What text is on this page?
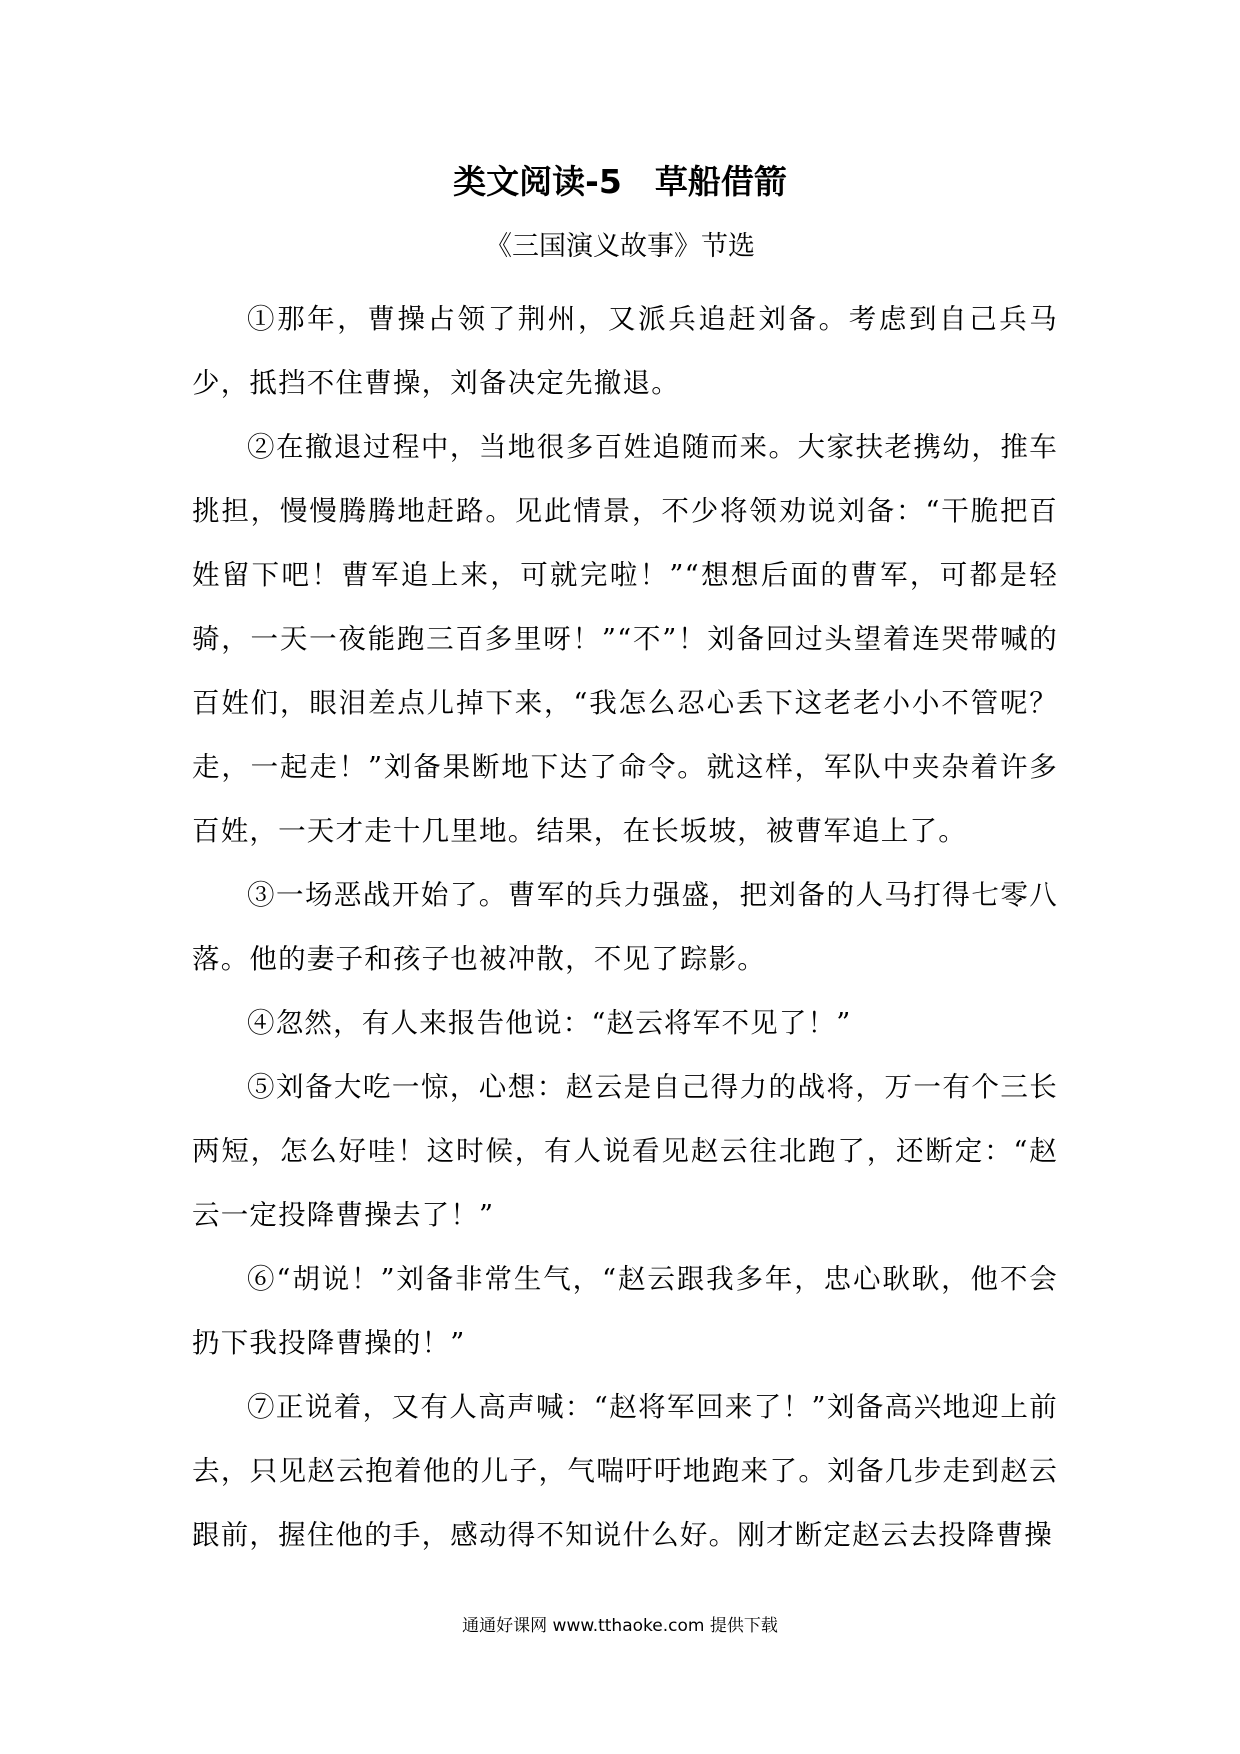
类文阅读-5　草船借箭
《三国演义故事》节选

①那年，曹操占领了荆州，又派兵追赶刘备。考虑到自己兵马少，抵挡不住曹操，刘备决定先撤退。

②在撤退过程中，当地很多百姓追随而来。大家扶老携幼，推车挑担，慢慢腾腾地赶路。见此情景，不少将领劝说刘备：“干脆把百姓留下吧！曹军追上来，可就完啦！”“想想后面的曹军，可都是轻骑，一天一夜能跑三百多里呀！”“不”！刘备回过头望着连哭带喊的百姓们，眼泪差点儿掉下来，“我怎么忍心丢下这老老小小不管呢？走，一起走！”刘备果断地下达了命令。就这样，军队中夹杂着许多百姓，一天才走十几里地。结果，在长坂坡，被曹军追上了。

③一场恶战开始了。曹军的兵力强盛，把刘备的人马打得七零八落。他的妻子和孩子也被冲散，不见了踪影。

④忽然，有人来报告他说：“赵云将军不见了！”

⑤刘备大吃一惊，心想：赵云是自己得力的战将，万一有个三长两短，怎么好哇！这时候，有人说看见赵云往北跑了，还断定：“赵云一定投降曹操去了！”

⑥“胡说！”刘备非常生气，“赵云跟我多年，忠心耿耿，他不会扔下我投降曹操的！”

⑦正说着，又有人高声喊：“赵将军回来了！”刘备高兴地迎上前去，只见赵云抱着他的儿子，气喘吁吁地跑来了。刘备几步走到赵云跟前，握住他的手，感动得不知说什么好。刚才断定赵云去投降曹操

通通好课网 www.tthaoke.com 提供下载
